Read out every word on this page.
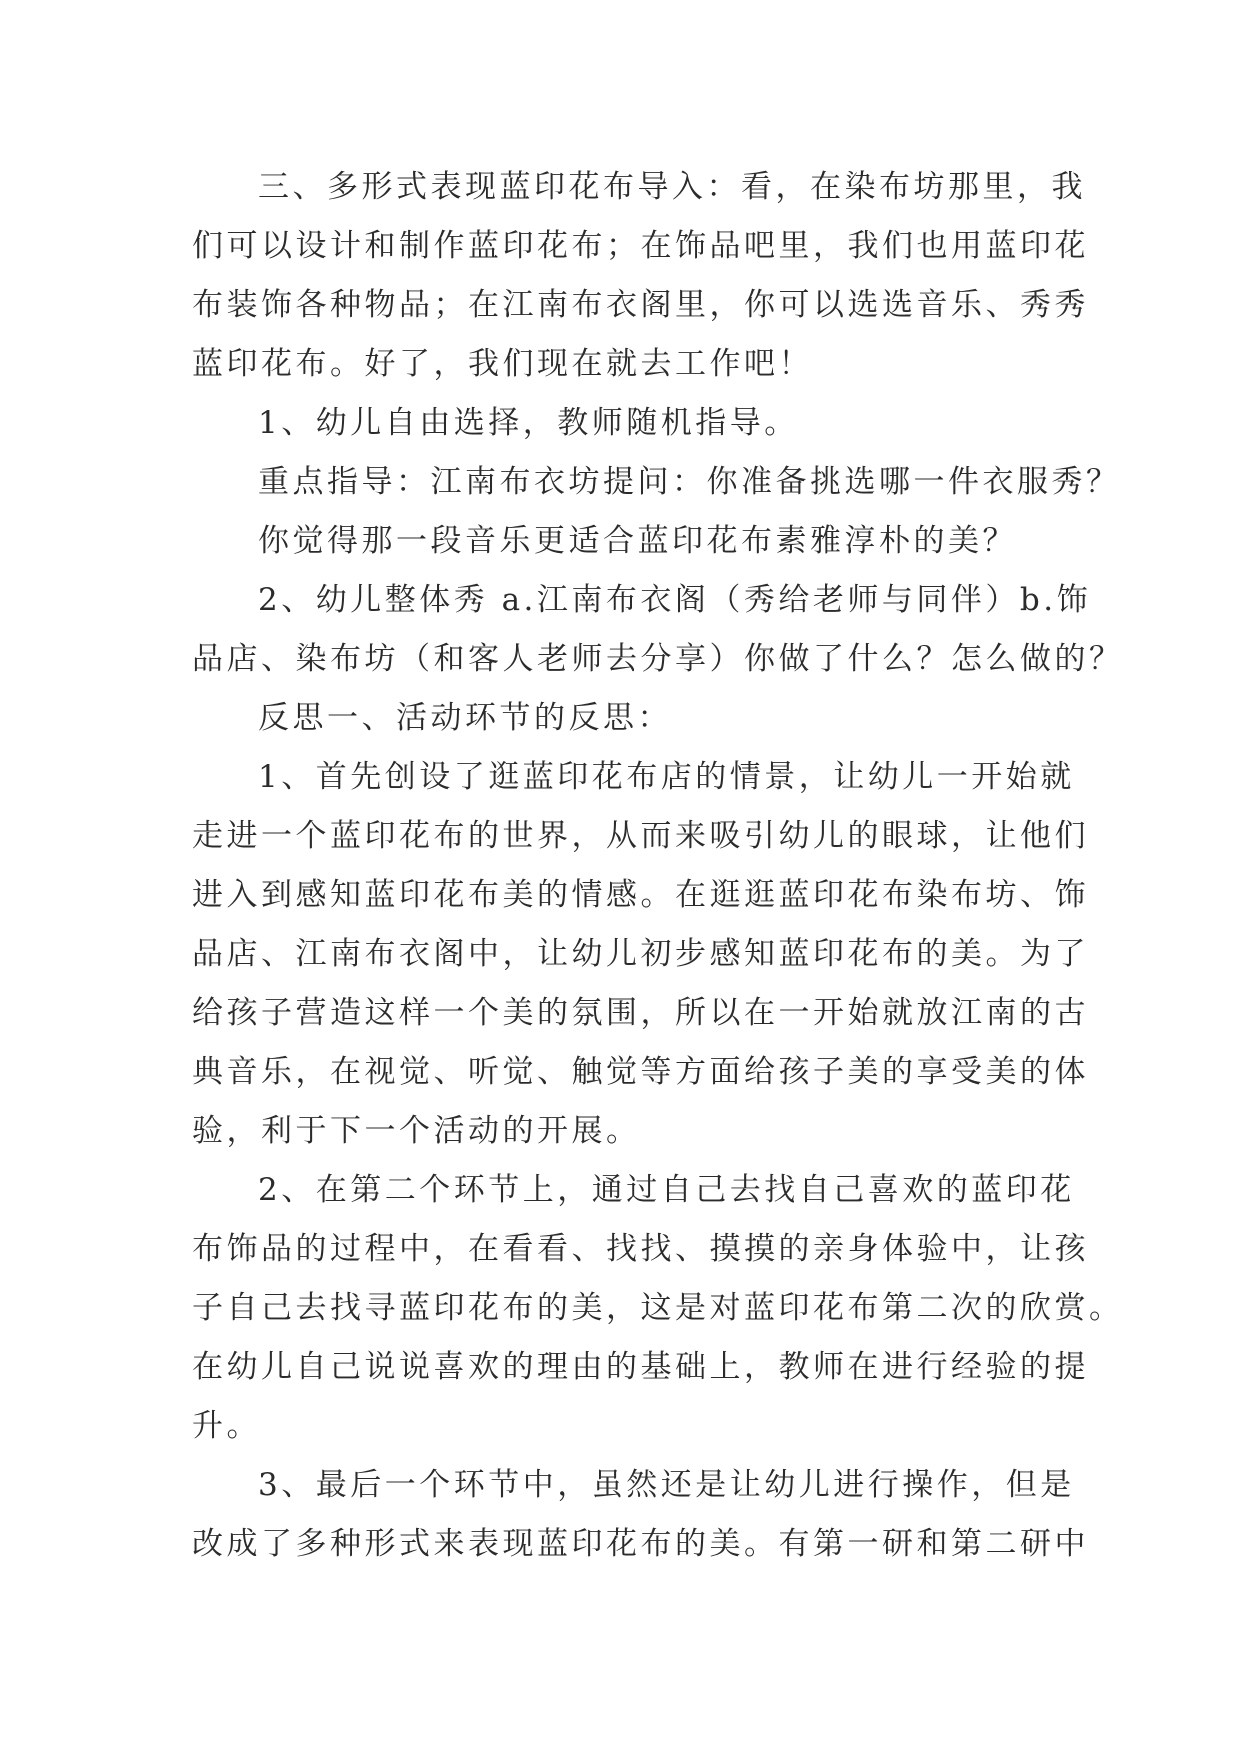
三、多形式表现蓝印花布导入：看，在染布坊那里，我
们可以设计和制作蓝印花布；在饰品吧里，我们也用蓝印花
布装饰各种物品；在江南布衣阁里，你可以选选音乐、秀秀
蓝印花布。好了，我们现在就去工作吧！
1、幼儿自由选择，教师随机指导。
重点指导：江南布衣坊提问：你准备挑选哪一件衣服秀？
你觉得那一段音乐更适合蓝印花布素雅淳朴的美？
2、幼儿整体秀 a.江南布衣阁（秀给老师与同伴）b.饰
品店、染布坊（和客人老师去分享）你做了什么？怎么做的？
反思一、活动环节的反思：
1、首先创设了逛蓝印花布店的情景，让幼儿一开始就
走进一个蓝印花布的世界，从而来吸引幼儿的眼球，让他们
进入到感知蓝印花布美的情感。在逛逛蓝印花布染布坊、饰
品店、江南布衣阁中，让幼儿初步感知蓝印花布的美。为了
给孩子营造这样一个美的氛围，所以在一开始就放江南的古
典音乐，在视觉、听觉、触觉等方面给孩子美的享受美的体
验，利于下一个活动的开展。
2、在第二个环节上，通过自己去找自己喜欢的蓝印花
布饰品的过程中，在看看、找找、摸摸的亲身体验中，让孩
子自己去找寻蓝印花布的美，这是对蓝印花布第二次的欣赏。
在幼儿自己说说喜欢的理由的基础上，教师在进行经验的提
升。
3、最后一个环节中，虽然还是让幼儿进行操作，但是
改成了多种形式来表现蓝印花布的美。有第一研和第二研中
